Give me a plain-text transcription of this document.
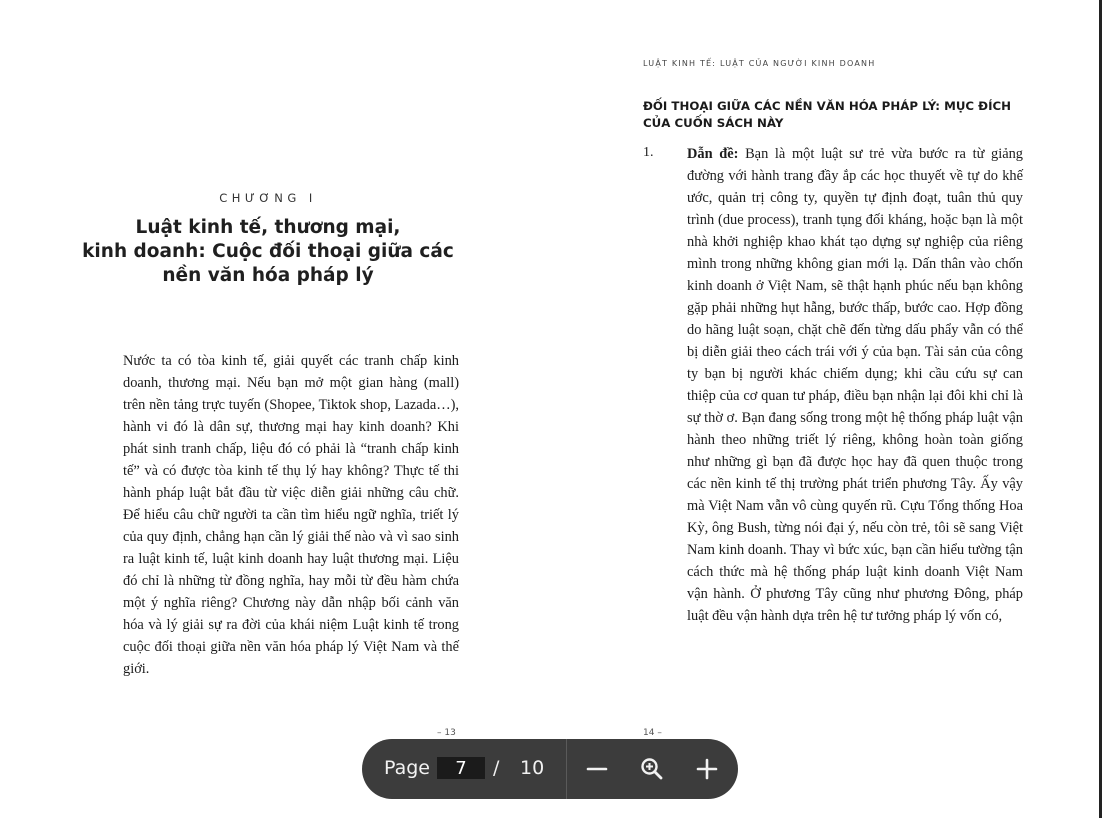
CHƯƠNG I
Luật kinh tế, thương mại,
kinh doanh: Cuộc đối thoại giữa các
nền văn hóa pháp lý

Nước ta có tòa kinh tế, giải quyết các tranh chấp kinh doanh, thương mại. Nếu bạn mở một gian hàng (mall) trên nền tảng trực tuyến (Shopee, Tiktok shop, Lazada…), hành vi đó là dân sự, thương mại hay kinh doanh? Khi phát sinh tranh chấp, liệu đó có phải là “tranh chấp kinh tế” và có được tòa kinh tế thụ lý hay không? Thực tế thi hành pháp luật bắt đầu từ việc diễn giải những câu chữ. Để hiểu câu chữ người ta cần tìm hiểu ngữ nghĩa, triết lý của quy định, chẳng hạn cần lý giải thế nào và vì sao sinh ra luật kinh tế, luật kinh doanh hay luật thương mại. Liệu đó chỉ là những từ đồng nghĩa, hay mỗi từ đều hàm chứa một ý nghĩa riêng? Chương này dẫn nhập bối cảnh văn hóa và lý giải sự ra đời của khái niệm Luật kinh tế trong cuộc đối thoại giữa nền văn hóa pháp lý Việt Nam và thế giới.

– 13
LUẬT KINH TẾ: LUẬT CỦA NGƯỜI KINH DOANH
ĐỐI THOẠI GIỮA CÁC NỀN VĂN HÓA PHÁP LÝ: MỤC ĐÍCH
CỦA CUỐN SÁCH NÀY
1. Dẫn đề: Bạn là một luật sư trẻ vừa bước ra từ giảng đường với hành trang đầy ắp các học thuyết về tự do khế ước, quản trị công ty, quyền tự định đoạt, tuân thủ quy trình (due process), tranh tụng đối kháng, hoặc bạn là một nhà khởi nghiệp khao khát tạo dựng sự nghiệp của riêng mình trong những không gian mới lạ. Dấn thân vào chốn kinh doanh ở Việt Nam, sẽ thật hạnh phúc nếu bạn không gặp phải những hụt hẫng, bước thấp, bước cao. Hợp đồng do hãng luật soạn, chặt chẽ đến từng dấu phẩy vẫn có thể bị diễn giải theo cách trái với ý của bạn. Tài sản của công ty bạn bị người khác chiếm dụng; khi cầu cứu sự can thiệp của cơ quan tư pháp, điều bạn nhận lại đôi khi chỉ là sự thờ ơ. Bạn đang sống trong một hệ thống pháp luật vận hành theo những triết lý riêng, không hoàn toàn giống như những gì bạn đã được học hay đã quen thuộc trong các nền kinh tế thị trường phát triển phương Tây. Ấy vậy mà Việt Nam vẫn vô cùng quyến rũ. Cựu Tổng thống Hoa Kỳ, ông Bush, từng nói đại ý, nếu còn trẻ, tôi sẽ sang Việt Nam kinh doanh. Thay vì bức xúc, bạn cần hiểu tường tận cách thức mà hệ thống pháp luật kinh doanh Việt Nam vận hành. Ở phương Tây cũng như phương Đông, pháp luật đều vận hành dựa trên hệ tư tưởng pháp lý vốn có,

14 –
Page
7	/ 10
